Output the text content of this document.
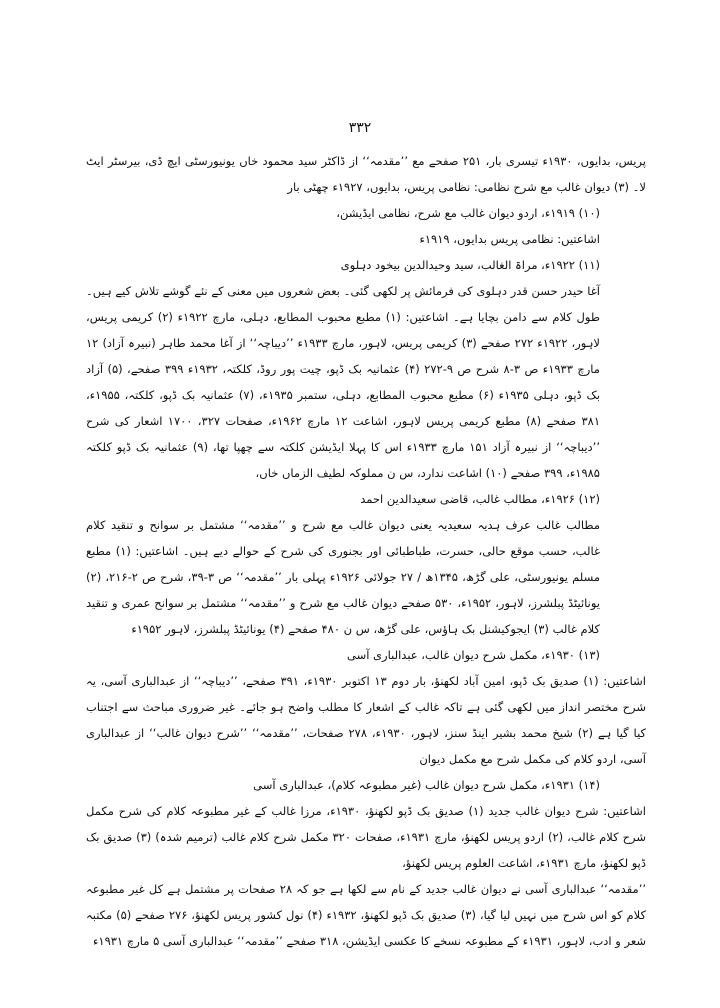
۳۳۲

پریس، بدایوں، ۱۹۳۰ء تیسری بار، ۲۵۱ صفحے مع ’’مقدمہ‘‘ از ڈاکٹر سید محمود خاں یونیورسٹی ایچ ڈی، بیرسٹر ایٹ لا۔ (۳) دیوان غالب مع شرح نظامی: نظامی پریس، بدایوں، ۱۹۲۷ء چھٹی بار

(۱۰) ۱۹۱۹ء، اردو دیوان غالب مع شرح، نظامی ایڈیشن،

اشاعتیں: نظامی پریس بدایوں، ۱۹۱۹ء

(۱۱) ۱۹۲۲ء، مراۃ الغالب، سید وحیدالدین بیخود دہلوی

آغا حیدر حسن قدر دہلوی کی فرمائش پر لکھی گئی۔ بعض شعروں میں معنی کے نئے گوشے تلاش کیے ہیں۔ طول کلام سے دامن بچایا ہے۔ اشاعتیں: (۱) مطبع محبوب المطابع، دہلی، مارچ ۱۹۲۲ء (۲) کریمی پریس، لاہور، ۱۹۲۲ء ۲۷۲ صفحے (۳) کریمی پریس، لاہور، مارچ ۱۹۳۳ء ’’دیباچہ‘‘ از آغا محمد طاہر (نبیرہ آزاد) ۱۲ مارچ ۱۹۳۳ء ص ۳-۸ شرح ص ۹-۲۷۲ (۴) عثمانیہ بک ڈپو، چیت پور روڈ، کلکتہ، ۱۹۳۲ء ۳۹۹ صفحے، (۵) آزاد بک ڈپو، دہلی ۱۹۳۵ء (۶) مطبع محبوب المطابع، دہلی، ستمبر ۱۹۳۵ء، (۷) عثمانیہ بک ڈپو، کلکتہ، ۱۹۵۵ء، ۳۸۱ صفحے (۸) مطبع کریمی پریس لاہور، اشاعت ۱۲ مارچ ۱۹۶۲ء، صفحات ۳۲۷، ۱۷۰۰ اشعار کی شرح ’’دیباچہ‘‘ از نبیرہ آزاد ۱۵۱ مارچ ۱۹۳۳ء اس کا پہلا ایڈیشن کلکتہ سے چھپا تھا، (۹) عثمانیہ بک ڈپو کلکتہ ۱۹۸۵ء، ۳۹۹ صفحے (۱۰) اشاعت ندارد، س ن مملوکہ لطیف الزماں خاں،

(۱۲) ۱۹۲۶ء، مطالب غالب، قاضی سعیدالدین احمد

مطالب غالب عرف ہدیہ سعیدیہ یعنی دیوان غالب مع شرح و ’’مقدمہ‘‘ مشتمل بر سوانح و تنقید کلام غالب، حسب موقع حالی، حسرت، طباطبائی اور بجنوری کی شرح کے حوالے دیے ہیں۔ اشاعتیں: (۱) مطبع مسلم یونیورسٹی، علی گڑھ، ۱۳۴۵ھ / ۲۷ جولائی ۱۹۲۶ء پہلی بار ’’مقدمہ‘‘ ص ۳-۳۹، شرح ص ۲-۲۱۶، (۲) یونائیٹڈ پبلشرز، لاہور، ۱۹۵۲ء، ۵۳۰ صفحے دیوان غالب مع شرح و ’’مقدمہ‘‘ مشتمل بر سوانح عمری و تنقید کلام غالب (۳) ایجوکیشنل بک ہاؤس، علی گڑھ، س ن ۴۸۰ صفحے (۴) یونائیٹڈ پبلشرز، لاہور ۱۹۵۲ء

(۱۳) ۱۹۳۰ء، مکمل شرح دیوان غالب، عبدالباری آسی

اشاعتیں: (۱) صدیق بک ڈپو، امین آباد لکھنؤ، بار دوم ۱۳ اکتوبر ۱۹۳۰ء، ۳۹۱ صفحے، ’’دیباچہ‘‘ از عبدالباری آسی، یہ شرح مختصر انداز میں لکھی گئی ہے تاکہ غالب کے اشعار کا مطلب واضح ہو جائے۔ غیر ضروری مباحث سے اجتناب کیا گیا ہے (۲) شیخ محمد بشیر اینڈ سنز، لاہور، ۱۹۳۰ء، ۲۷۸ صفحات، ’’مقدمہ‘‘ ’’شرح دیوان غالب‘‘ از عبدالباری آسی، اردو کلام کی مکمل شرح مع مکمل دیوان

(۱۴) ۱۹۳۱ء، مکمل شرح دیوان غالب (غیر مطبوعہ کلام)، عبدالباری آسی

اشاعتیں: شرح دیوان غالب جدید (۱) صدیق بک ڈپو لکھنؤ، ۱۹۳۰ء، مرزا غالب کے غیر مطبوعہ کلام کی شرح مکمل شرح کلام غالب، (۲) اردو پریس لکھنؤ، مارچ ۱۹۳۱ء، صفحات ۳۲۰ مکمل شرح کلام غالب (ترمیم شدہ) (۳) صدیق بک ڈپو لکھنؤ، مارچ ۱۹۳۱ء، اشاعت العلوم پریس لکھنؤ،

’’مقدمہ‘‘ عبدالباری آسی نے دیوان غالب جدید کے نام سے لکھا ہے جو کہ ۲۸ صفحات پر مشتمل ہے کل غیر مطبوعہ کلام کو اس شرح میں نہیں لیا گیا، (۳) صدیق بک ڈپو لکھنؤ، ۱۹۳۲ء (۴) نول کشور پریس لکھنؤ، ۲۷۶ صفحے (۵) مکتبہ شعر و ادب، لاہور، ۱۹۳۱ء کے مطبوعہ نسخے کا عکسی ایڈیشن، ۳۱۸ صفحے ’’مقدمہ‘‘ عبدالباری آسی ۵ مارچ ۱۹۳۱ء
